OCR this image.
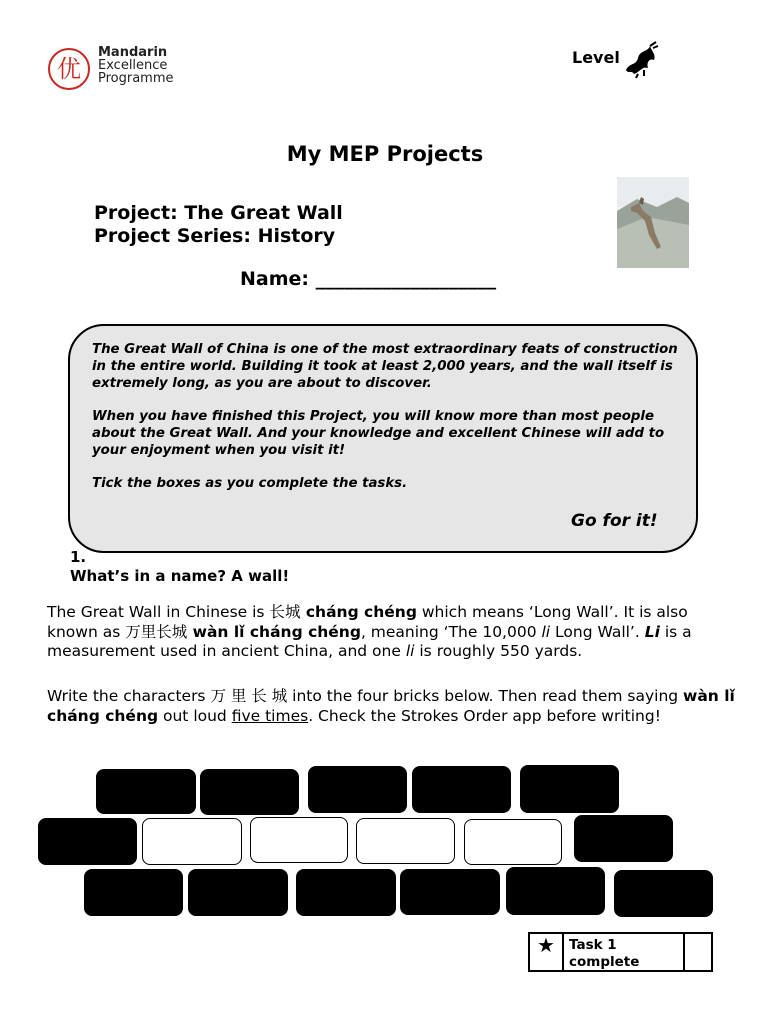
优
Mandarin
Excellence
Programme
Level
My MEP Projects
Project: The Great Wall
Project Series: History
Name: ___________________

The Great Wall of China is one of the most extraordinary feats of construction in the entire world. Building it took at least 2,000 years, and the wall itself is extremely long, as you are about to discover.

When you have finished this Project, you will know more than most people about the Great Wall. And your knowledge and excellent Chinese will add to your enjoyment when you visit it!

Tick the boxes as you complete the tasks.

Go for it!
1.
What’s in a name? A wall!
The Great Wall in Chinese is 长城 cháng chéng which means ‘Long Wall’. It is also known as 万里长城 wàn lǐ cháng chéng, meaning ‘The 10,000 li Long Wall’. Li is a measurement used in ancient China, and one li is roughly 550 yards.
Write the characters 万 里 长 城 into the four bricks below. Then read them saying wàn lǐ cháng chéng out loud five times. Check the Strokes Order app before writing!
★	Task 1 complete
